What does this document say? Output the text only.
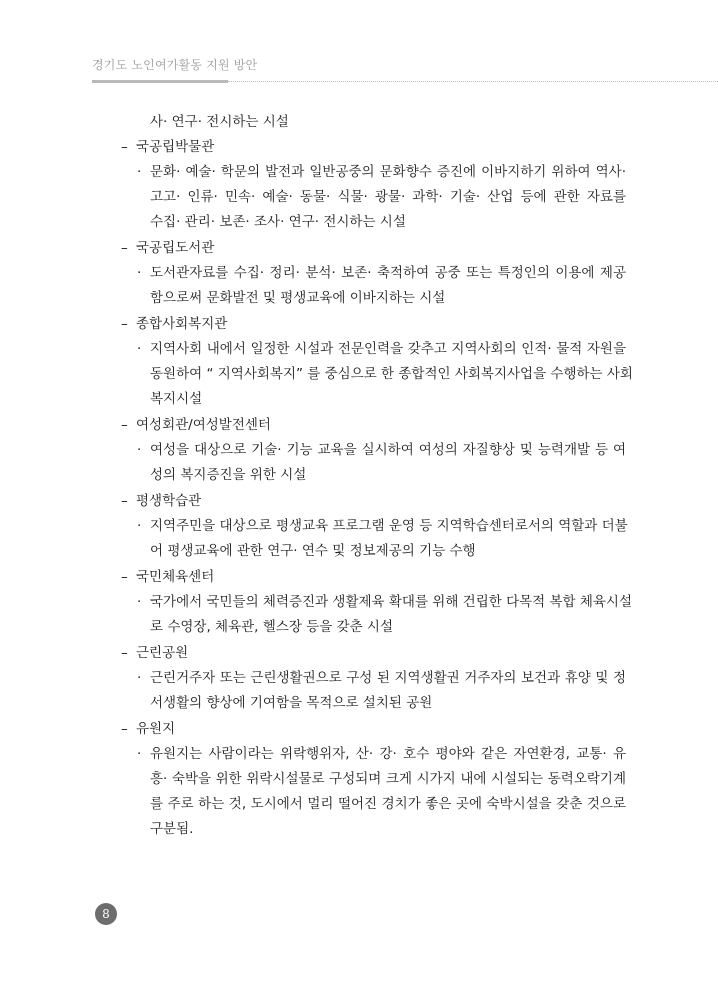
경기도 노인여가활동 지원 방안
사· 연구· 전시하는 시설
– 국공립박물관
· 문화· 예술· 학문의 발전과 일반공중의 문화향수 증진에 이바지하기 위하여 역사·
고고· 인류· 민속· 예술· 동물· 식물· 광물· 과학· 기술· 산업 등에 관한 자료를
수집· 관리· 보존· 조사· 연구· 전시하는 시설
– 국공립도서관
· 도서관자료를 수집· 정리· 분석· 보존· 축적하여 공중 또는 특정인의 이용에 제공
함으로써 문화발전 및 평생교육에 이바지하는 시설
– 종합사회복지관
· 지역사회 내에서 일정한 시설과 전문인력을 갖추고 지역사회의 인적· 물적 자원을
동원하여 “ 지역사회복지” 를 중심으로 한 종합적인 사회복지사업을 수행하는 사회
복지시설
– 여성회관/여성발전센터
· 여성을 대상으로 기술· 기능 교육을 실시하여 여성의 자질향상 및 능력개발 등 여
성의 복지증진을 위한 시설
– 평생학습관
· 지역주민을 대상으로 평생교육 프로그램 운영 등 지역학습센터로서의 역할과 더불
어 평생교육에 관한 연구· 연수 및 정보제공의 기능 수행
– 국민체육센터
· 국가에서 국민들의 체력증진과 생활제육 확대를 위해 건립한 다목적 복합 체육시설
로 수영장, 체육관, 헬스장 등을 갖춘 시설
– 근린공원
· 근린거주자 또는 근린생활권으로 구성 된 지역생활권 거주자의 보건과 휴양 및 정
서생활의 향상에 기여함을 목적으로 설치된 공원
– 유원지
· 유원지는 사람이라는 위락행위자, 산· 강· 호수 평야와 같은 자연환경, 교통· 유
흥· 숙박을 위한 위락시설물로 구성되며 크게 시가지 내에 시설되는 동력오락기계
를 주로 하는 것, 도시에서 멀리 떨어진 경치가 좋은 곳에 숙박시설을 갖춘 것으로
구분됨.
8
